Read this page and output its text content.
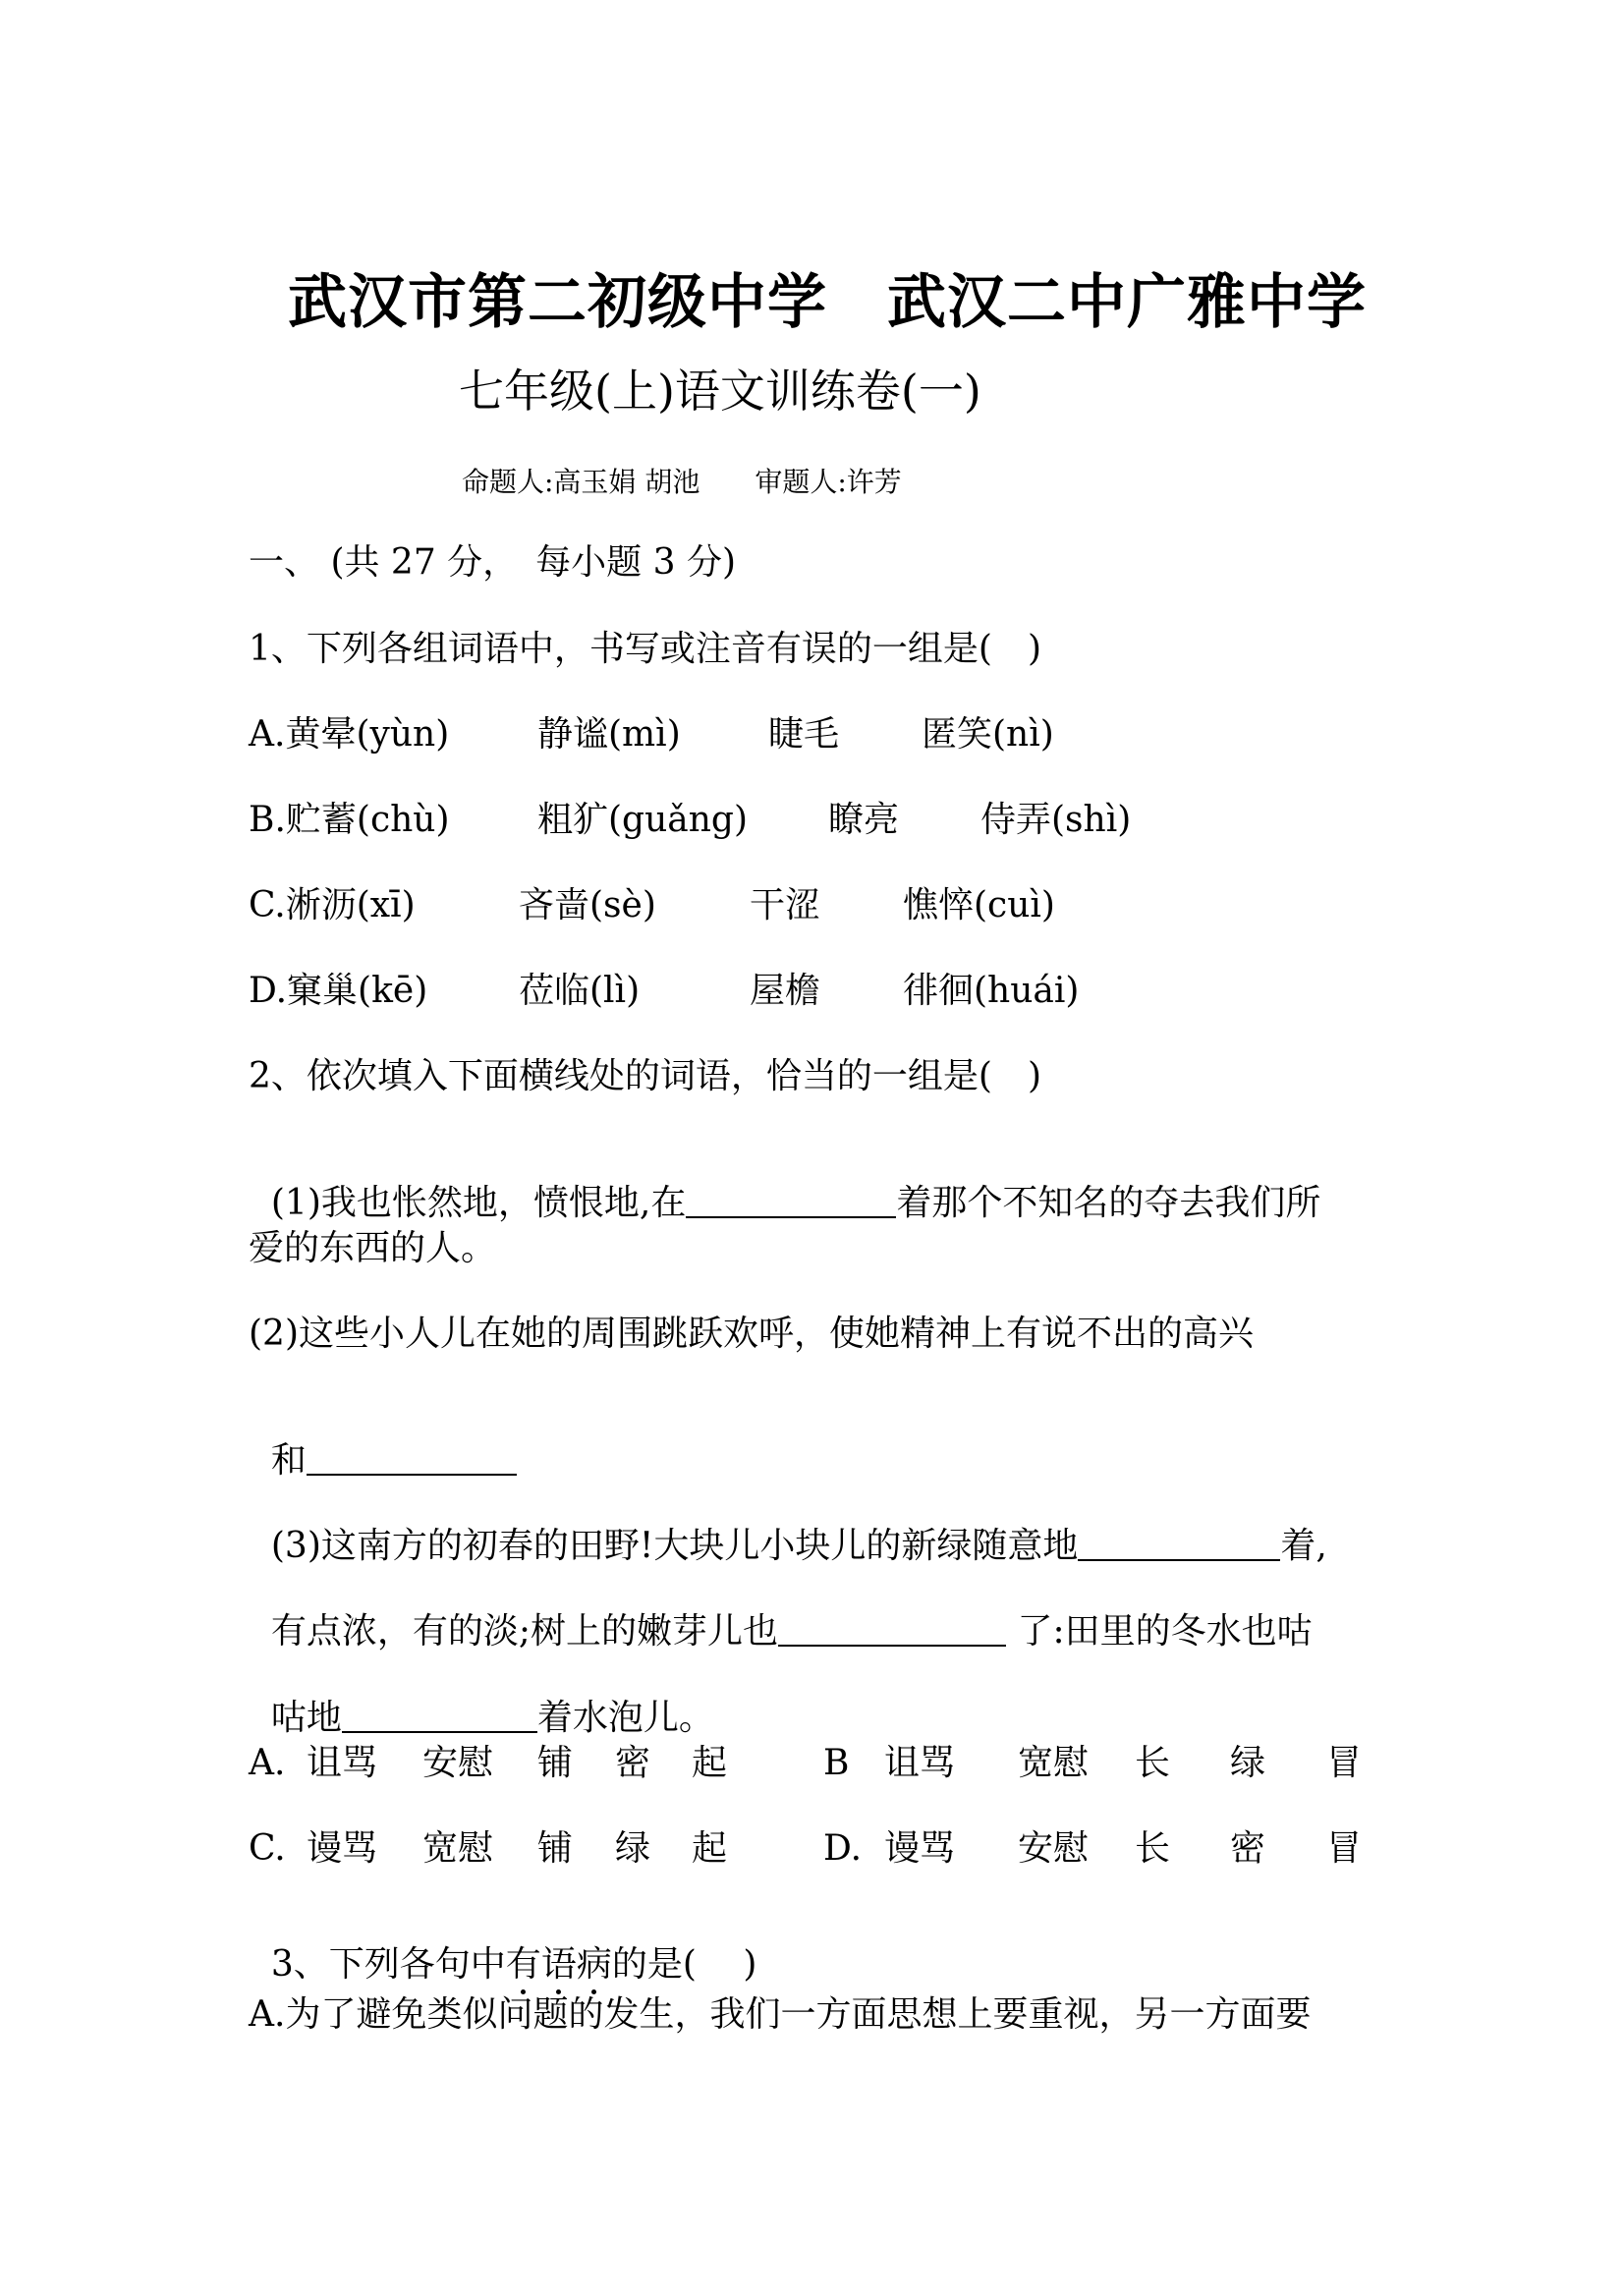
武汉市第二初级中学　武汉二中广雅中学
七年级(上)语文训练卷(一)
命题人:高玉娟 胡池　　审题人:许芳
一、 (共 27 分，　每小题 3 分)
1、下列各组词语中，书写或注音有误的一组是(　)
A.黄晕(yùn) 静谧(mì) 睫毛 匿笑(nì)
B.贮蓄(chù) 粗犷(guǎng) 瞭亮 侍弄(shì)
C.淅沥(xī)	吝啬(sè)	干涩 憔悴(cuì)
D.窠巢(kē)	莅临(lì)	屋檐 徘徊(huái)
2、依次填入下面横线处的词语，恰当的一组是(　)

(1)我也怅然地，愤恨地,在	着那个不知名的夺去我们所

爱的东西的人。
(2)这些小人儿在她的周围跳跃欢呼，使她精神上有说不出的高兴

和

(3)这南方的初春的田野!大块儿小块儿的新绿随意地	着,

有点浓，有的淡;树上的嫩芽儿也	了:田里的冬水也咕

咕地	着水泡儿。

A. 诅骂 安慰 铺 密 起	B 诅骂 宽慰 长 绿 冒
C. 谩骂 宽慰 铺 绿 起	D. 谩骂 安慰 长 密 冒

3、下列各句中有语病的是(　 )

A.为了避免类似问题的发生，我们一方面思想上要重视，另一方面要
